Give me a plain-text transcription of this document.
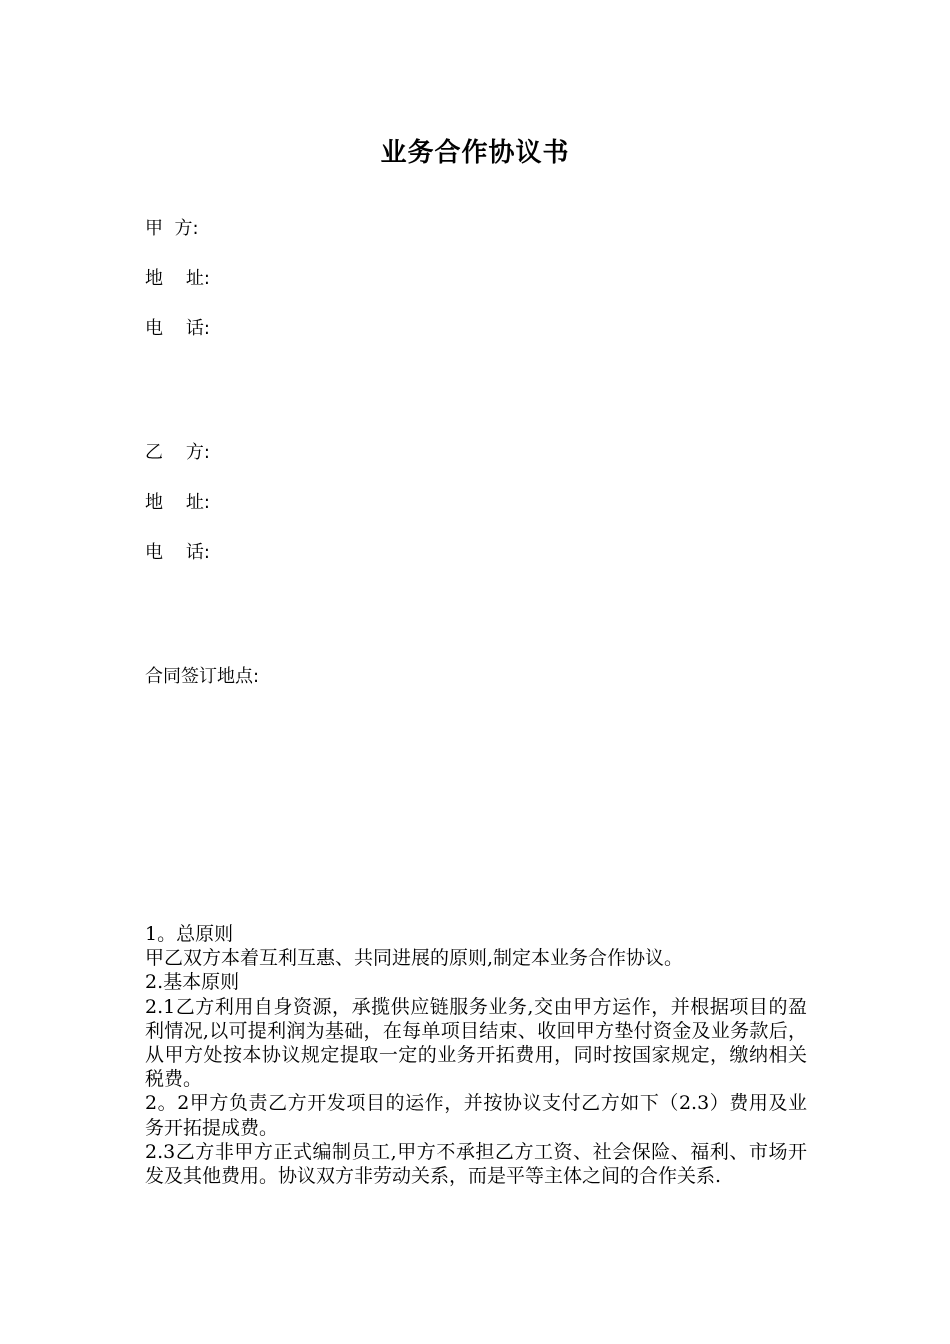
业务合作协议书
甲  方:
地    址:
电    话:
乙    方:
地    址:
电    话:
合同签订地点:

1。总原则

甲乙双方本着互利互惠、共同进展的原则,制定本业务合作协议。

2.基本原则

2.1乙方利用自身资源，承揽供应链服务业务,交由甲方运作，并根据项目的盈利情况,以可提利润为基础，在每单项目结束、收回甲方垫付资金及业务款后，从甲方处按本协议规定提取一定的业务开拓费用，同时按国家规定，缴纳相关税费。

2。2甲方负责乙方开发项目的运作，并按协议支付乙方如下（2.3）费用及业务开拓提成费。

2.3乙方非甲方正式编制员工,甲方不承担乙方工资、社会保险、福利、市场开发及其他费用。协议双方非劳动关系，而是平等主体之间的合作关系.
